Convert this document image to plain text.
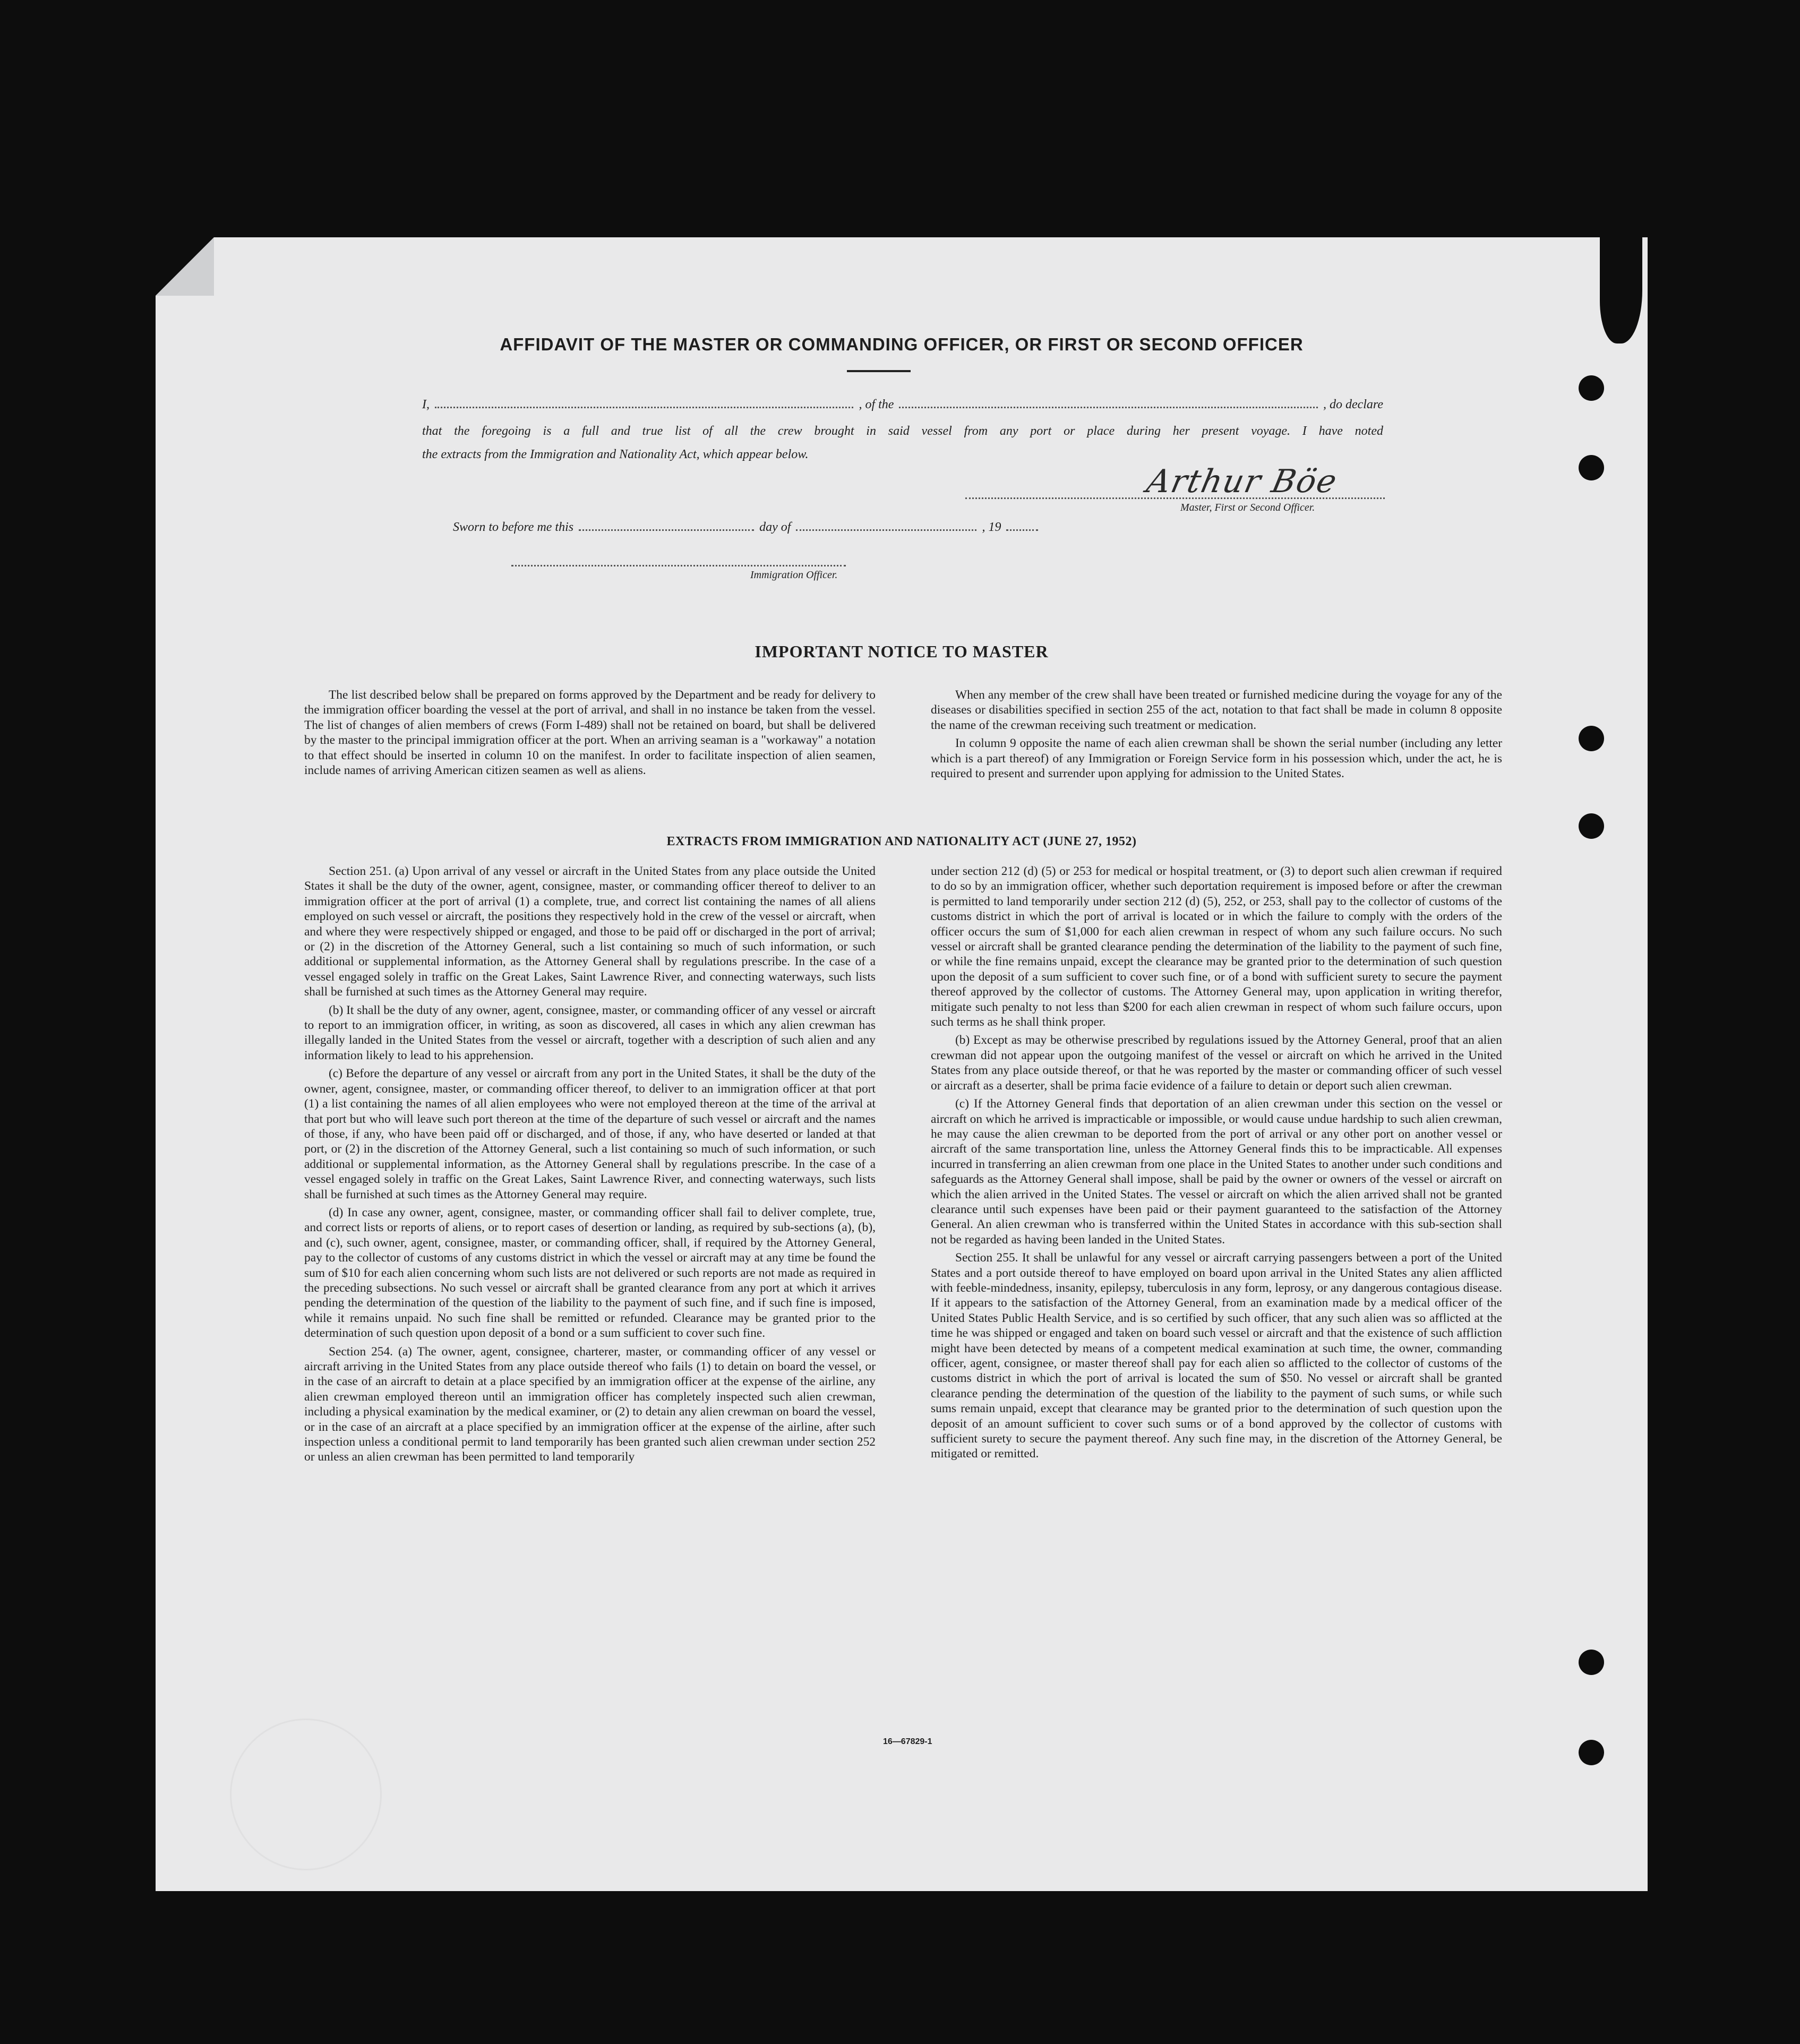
AFFIDAVIT OF THE MASTER OR COMMANDING OFFICER, OR FIRST OR SECOND OFFICER
I,	, of the	, do declare
that the foregoing is a full and true list of all the crew brought in said vessel from any port or place during her present voyage. I have noted
the extracts from the Immigration and Nationality Act, which appear below.
Arthur Böe
Master, First or Second Officer.
Sworn to before me this	day of	, 19
Immigration Officer.
IMPORTANT NOTICE TO MASTER

The list described below shall be prepared on forms approved by the Department and be ready for delivery to the immigration officer boarding the vessel at the port of arrival, and shall in no instance be taken from the vessel. The list of changes of alien members of crews (Form I-489) shall not be retained on board, but shall be delivered by the master to the principal immigration officer at the port. When an arriving seaman is a "workaway" a notation to that effect should be inserted in column 10 on the manifest. In order to facilitate inspection of alien seamen, include names of arriving American citizen seamen as well as aliens.

When any member of the crew shall have been treated or furnished medicine during the voyage for any of the diseases or disabilities specified in section 255 of the act, notation to that fact shall be made in column 8 opposite the name of the crewman receiving such treatment or medication.

In column 9 opposite the name of each alien crewman shall be shown the serial number (including any letter which is a part thereof) of any Immigration or Foreign Service form in his possession which, under the act, he is required to present and surrender upon applying for admission to the United States.

EXTRACTS FROM IMMIGRATION AND NATIONALITY ACT (JUNE 27, 1952)

Section 251. (a) Upon arrival of any vessel or aircraft in the United States from any place outside the United States it shall be the duty of the owner, agent, consignee, master, or commanding officer thereof to deliver to an immigration officer at the port of arrival (1) a complete, true, and correct list containing the names of all aliens employed on such vessel or aircraft, the positions they respectively hold in the crew of the vessel or aircraft, when and where they were respectively shipped or engaged, and those to be paid off or discharged in the port of arrival; or (2) in the discretion of the Attorney General, such a list containing so much of such information, or such additional or supplemental information, as the Attorney General shall by regulations prescribe. In the case of a vessel engaged solely in traffic on the Great Lakes, Saint Lawrence River, and connecting waterways, such lists shall be furnished at such times as the Attorney General may require.

(b) It shall be the duty of any owner, agent, consignee, master, or commanding officer of any vessel or aircraft to report to an immigration officer, in writing, as soon as discovered, all cases in which any alien crewman has illegally landed in the United States from the vessel or aircraft, together with a description of such alien and any information likely to lead to his apprehension.

(c) Before the departure of any vessel or aircraft from any port in the United States, it shall be the duty of the owner, agent, consignee, master, or commanding officer thereof, to deliver to an immigration officer at that port (1) a list containing the names of all alien employees who were not employed thereon at the time of the arrival at that port but who will leave such port thereon at the time of the departure of such vessel or aircraft and the names of those, if any, who have been paid off or discharged, and of those, if any, who have deserted or landed at that port, or (2) in the discretion of the Attorney General, such a list containing so much of such information, or such additional or supplemental information, as the Attorney General shall by regulations prescribe. In the case of a vessel engaged solely in traffic on the Great Lakes, Saint Lawrence River, and connecting waterways, such lists shall be furnished at such times as the Attorney General may require.

(d) In case any owner, agent, consignee, master, or commanding officer shall fail to deliver complete, true, and correct lists or reports of aliens, or to report cases of desertion or landing, as required by sub-sections (a), (b), and (c), such owner, agent, consignee, master, or commanding officer, shall, if required by the Attorney General, pay to the collector of customs of any customs district in which the vessel or aircraft may at any time be found the sum of $10 for each alien concerning whom such lists are not delivered or such reports are not made as required in the preceding subsections. No such vessel or aircraft shall be granted clearance from any port at which it arrives pending the determination of the question of the liability to the payment of such fine, and if such fine is imposed, while it remains unpaid. No such fine shall be remitted or refunded. Clearance may be granted prior to the determination of such question upon deposit of a bond or a sum sufficient to cover such fine.

Section 254. (a) The owner, agent, consignee, charterer, master, or commanding officer of any vessel or aircraft arriving in the United States from any place outside thereof who fails (1) to detain on board the vessel, or in the case of an aircraft to detain at a place specified by an immigration officer at the expense of the airline, any alien crewman employed thereon until an immigration officer has completely inspected such alien crewman, including a physical examination by the medical examiner, or (2) to detain any alien crewman on board the vessel, or in the case of an aircraft at a place specified by an immigration officer at the expense of the airline, after such inspection unless a conditional permit to land temporarily has been granted such alien crewman under section 252 or unless an alien crewman has been permitted to land temporarily

under section 212 (d) (5) or 253 for medical or hospital treatment, or (3) to deport such alien crewman if required to do so by an immigration officer, whether such deportation requirement is imposed before or after the crewman is permitted to land temporarily under section 212 (d) (5), 252, or 253, shall pay to the collector of customs of the customs district in which the port of arrival is located or in which the failure to comply with the orders of the officer occurs the sum of $1,000 for each alien crewman in respect of whom any such failure occurs. No such vessel or aircraft shall be granted clearance pending the determination of the liability to the payment of such fine, or while the fine remains unpaid, except the clearance may be granted prior to the determination of such question upon the deposit of a sum sufficient to cover such fine, or of a bond with sufficient surety to secure the payment thereof approved by the collector of customs. The Attorney General may, upon application in writing therefor, mitigate such penalty to not less than $200 for each alien crewman in respect of whom such failure occurs, upon such terms as he shall think proper.

(b) Except as may be otherwise prescribed by regulations issued by the Attorney General, proof that an alien crewman did not appear upon the outgoing manifest of the vessel or aircraft on which he arrived in the United States from any place outside thereof, or that he was reported by the master or commanding officer of such vessel or aircraft as a deserter, shall be prima facie evidence of a failure to detain or deport such alien crewman.

(c) If the Attorney General finds that deportation of an alien crewman under this section on the vessel or aircraft on which he arrived is impracticable or impossible, or would cause undue hardship to such alien crewman, he may cause the alien crewman to be deported from the port of arrival or any other port on another vessel or aircraft of the same transportation line, unless the Attorney General finds this to be impracticable. All expenses incurred in transferring an alien crewman from one place in the United States to another under such conditions and safeguards as the Attorney General shall impose, shall be paid by the owner or owners of the vessel or aircraft on which the alien arrived in the United States. The vessel or aircraft on which the alien arrived shall not be granted clearance until such expenses have been paid or their payment guaranteed to the satisfaction of the Attorney General. An alien crewman who is transferred within the United States in accordance with this sub-section shall not be regarded as having been landed in the United States.

Section 255. It shall be unlawful for any vessel or aircraft carrying passengers between a port of the United States and a port outside thereof to have employed on board upon arrival in the United States any alien afflicted with feeble-mindedness, insanity, epilepsy, tuberculosis in any form, leprosy, or any dangerous contagious disease. If it appears to the satisfaction of the Attorney General, from an examination made by a medical officer of the United States Public Health Service, and is so certified by such officer, that any such alien was so afflicted at the time he was shipped or engaged and taken on board such vessel or aircraft and that the existence of such affliction might have been detected by means of a competent medical examination at such time, the owner, commanding officer, agent, consignee, or master thereof shall pay for each alien so afflicted to the collector of customs of the customs district in which the port of arrival is located the sum of $50. No vessel or aircraft shall be granted clearance pending the determination of the question of the liability to the payment of such sums, or while such sums remain unpaid, except that clearance may be granted prior to the determination of such question upon the deposit of an amount sufficient to cover such sums or of a bond approved by the collector of customs with sufficient surety to secure the payment thereof. Any such fine may, in the discretion of the Attorney General, be mitigated or remitted.

16—67829-1
